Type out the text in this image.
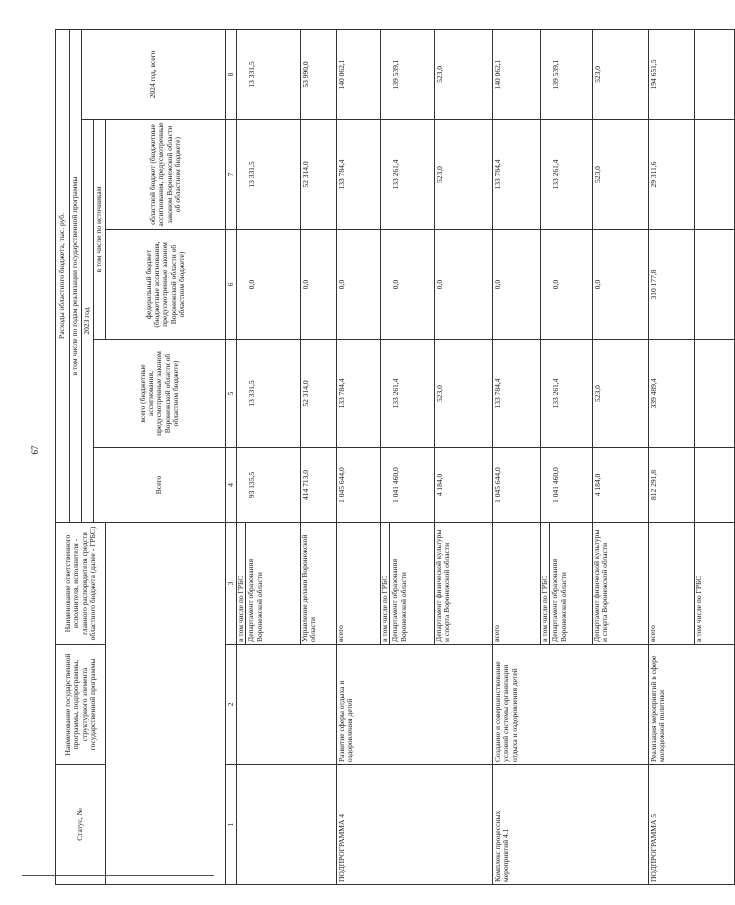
67
Статус, №	Наименование государственной программы, подпрограммы, структурного элемента государственной программы	Наименование ответственного исполнителя, исполнителя - главного распорядителя средств областного бюджета (далее - ГРБС)	Расходы областного бюджета, тыс. руб.				
			в том числе по годам реализации государственной программы				
			2023 год				2024 год, всего
			Всего	всего (бюджетные ассигнования, предусмотренные законом Воронежской области об областном бюджете)	в том числе по источникам		
					федеральный бюджет (бюджетные ассигнования, предусмотренные законом Воронежской области об областном бюджете)	областной бюджет (бюджетные ассигнования, предусмотренные законом Воронежской области об областном бюджете)	
1	2	3	4	5	6	7	8

		в том числе по ГРБС Департамент образования Воронежской области	93 135,5	13 331,5	0,0	13 331,5	13 331,5

		Управление делами Воронежской области	414 713,0	52 314,0	0,0	52 314,0	53 990,0
ПОДПРОГРАММА 4	Развитие сферы отдыха и оздоровления детей	всего	1 045 644,0	133 784,4	0,0	133 784,4	140 062,1

		в том числе по ГРБС Департамент образования Воронежской области	1 041 460,0	133 261,4	0,0	133 261,4	139 539,1

		Департамент физической культуры и спорта Воронежской области	4 184,0	523,0	0,0	523,0	523,0
Комплекс процессных мероприятий 4.1	Создание и совершенствование условий системы организации отдыха и оздоровления детей	всего	1 045 644,0	133 784,4	0,0	133 784,4	140 062,1

		в том числе по ГРБС Департамент образования Воронежской области	1 041 460,0	133 261,4	0,0	133 261,4	139 539,1

		Департамент физической культуры и спорта Воронежской области	4 184,0	523,0	0,0	523,0	523,0
ПОДПРОГРАММА 5	Реализация мероприятий в сфере молодежной политики	всего	812 291,8	339 489,4	310 177,8	29 311,6	194 651,5

		в том числе по ГРБС					
